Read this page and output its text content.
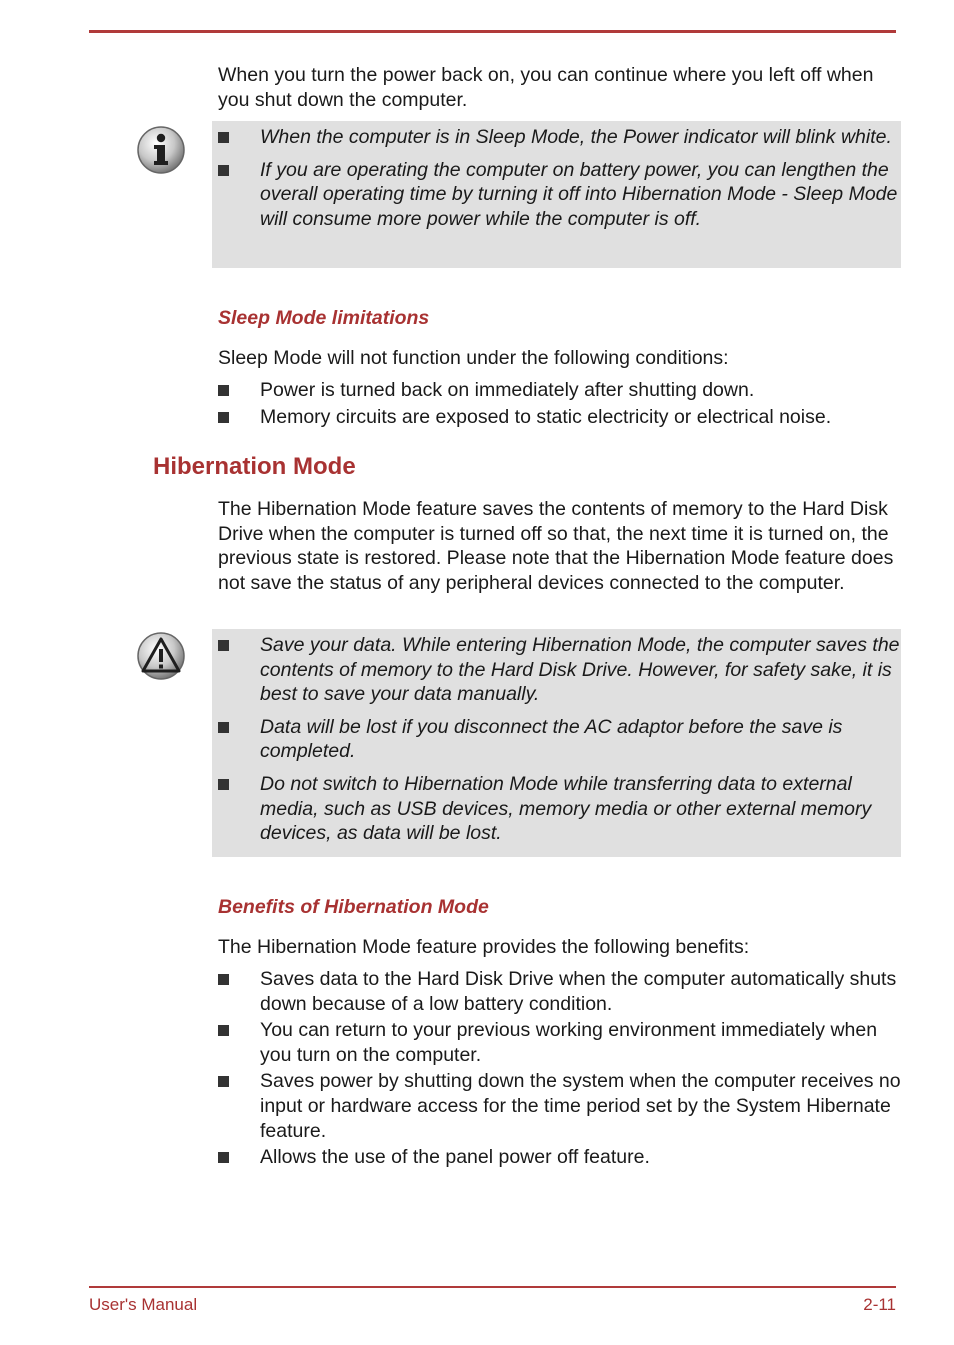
When you turn the power back on, you can continue where you left off when you shut down the computer.

When the computer is in Sleep Mode, the Power indicator will blink white.
If you are operating the computer on battery power, you can lengthen the overall operating time by turning it off into Hibernation Mode - Sleep Mode will consume more power while the computer is off.
Sleep Mode limitations

Sleep Mode will not function under the following conditions:

Power is turned back on immediately after shutting down.
Memory circuits are exposed to static electricity or electrical noise.
Hibernation Mode

The Hibernation Mode feature saves the contents of memory to the Hard Disk Drive when the computer is turned off so that, the next time it is turned on, the previous state is restored. Please note that the Hibernation Mode feature does not save the status of any peripheral devices connected to the computer.

Save your data. While entering Hibernation Mode, the computer saves the contents of memory to the Hard Disk Drive. However, for safety sake, it is best to save your data manually.
Data will be lost if you disconnect the AC adaptor before the save is completed.
Do not switch to Hibernation Mode while transferring data to external media, such as USB devices, memory media or other external memory devices, as data will be lost.
Benefits of Hibernation Mode

The Hibernation Mode feature provides the following benefits:

Saves data to the Hard Disk Drive when the computer automatically shuts down because of a low battery condition.
You can return to your previous working environment immediately when you turn on the computer.
Saves power by shutting down the system when the computer receives no input or hardware access for the time period set by the System Hibernate feature.
Allows the use of the panel power off feature.
User's Manual	2-11
